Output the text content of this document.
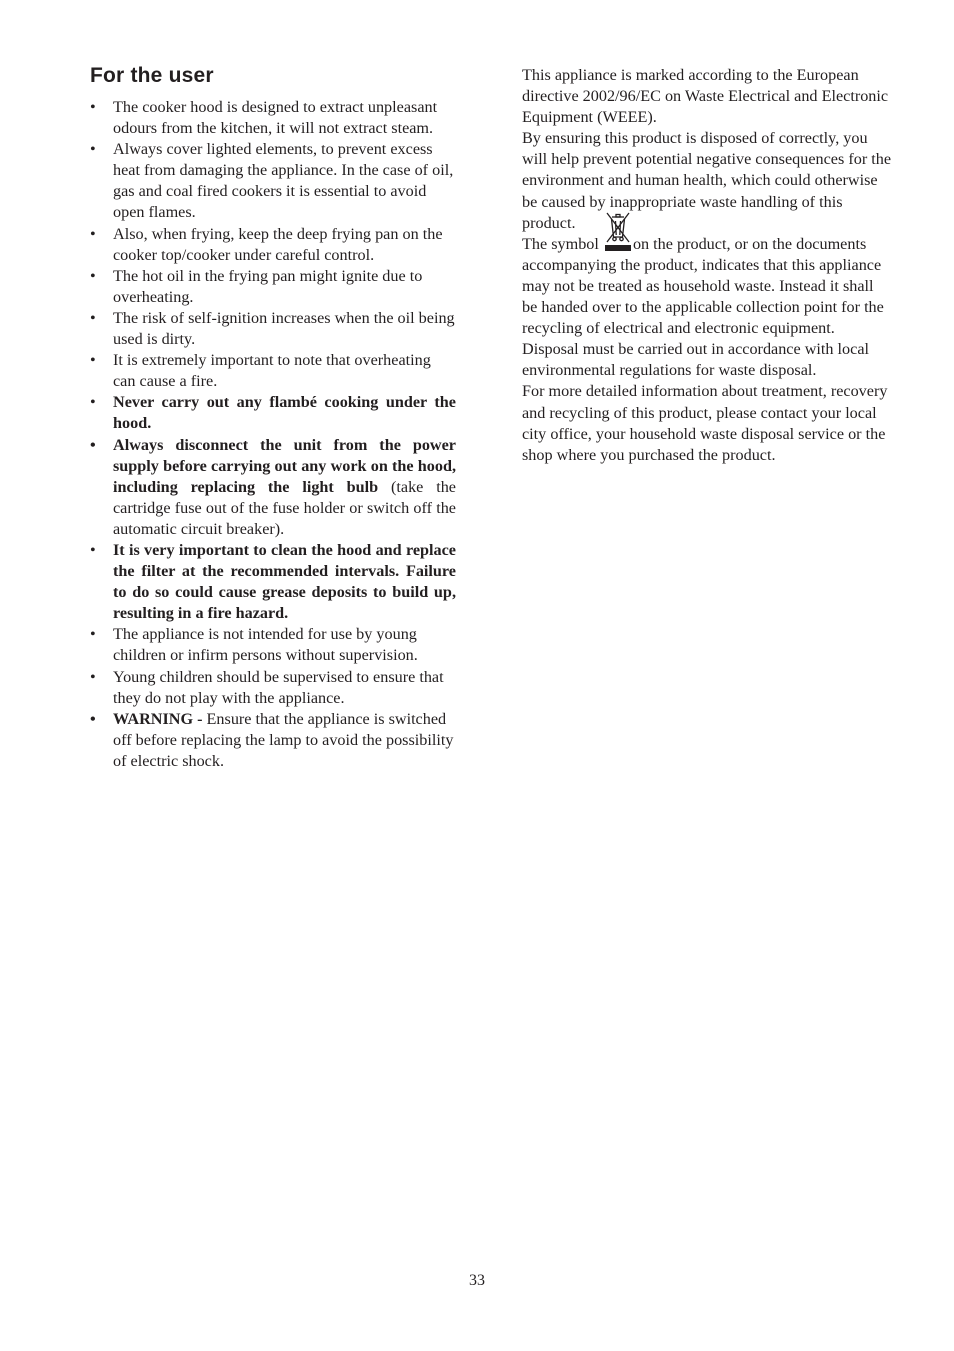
For the user
• The cooker hood is designed to extract unpleasant odours from the kitchen, it will not extract steam.
• Always cover lighted elements, to prevent excess heat from damaging the appliance. In the case of oil, gas and coal fired cookers it is essential to avoid open flames.
• Also, when frying, keep the deep frying pan on the cooker top/cooker under careful control.
• The hot oil in the frying pan might ignite due to overheating.
• The risk of self-ignition increases when the oil being used is dirty.
• It is extremely important to note that overheating can cause a fire.
• Never carry out any flambé cooking under the hood.
• Always disconnect the unit from the power supply before carrying out any work on the hood, including replacing the light bulb (take the cartridge fuse out of the fuse holder or switch off the automatic circuit breaker).
• It is very important to clean the hood and replace the filter at the recommended intervals. Failure to do so could cause grease deposits to build up, resulting in a fire hazard.
• The appliance is not intended for use by young children or infirm persons without supervision.
• Young children should be supervised to ensure that they do not play with the appliance.
• WARNING - Ensure that the appliance is switched off before replacing the lamp to avoid the possibility of electric shock.

This appliance is marked according to the European directive 2002/96/EC on Waste Electrical and Electronic Equipment (WEEE).

By ensuring this product is disposed of correctly, you will help prevent potential negative consequences for the environment and human health, which could otherwise be caused by inappropriate waste handling of this product.

The symbol
on the product, or on the documents accompanying the product, indicates that this appliance may not be treated as household waste. Instead it shall be handed over to the applicable collection point for the recycling of electrical and electronic equipment.

Disposal must be carried out in accordance with local environmental regulations for waste disposal.

For more detailed information about treatment, recovery and recycling of this product, please contact your local city office, your household waste disposal service or the shop where you purchased the product.

33
